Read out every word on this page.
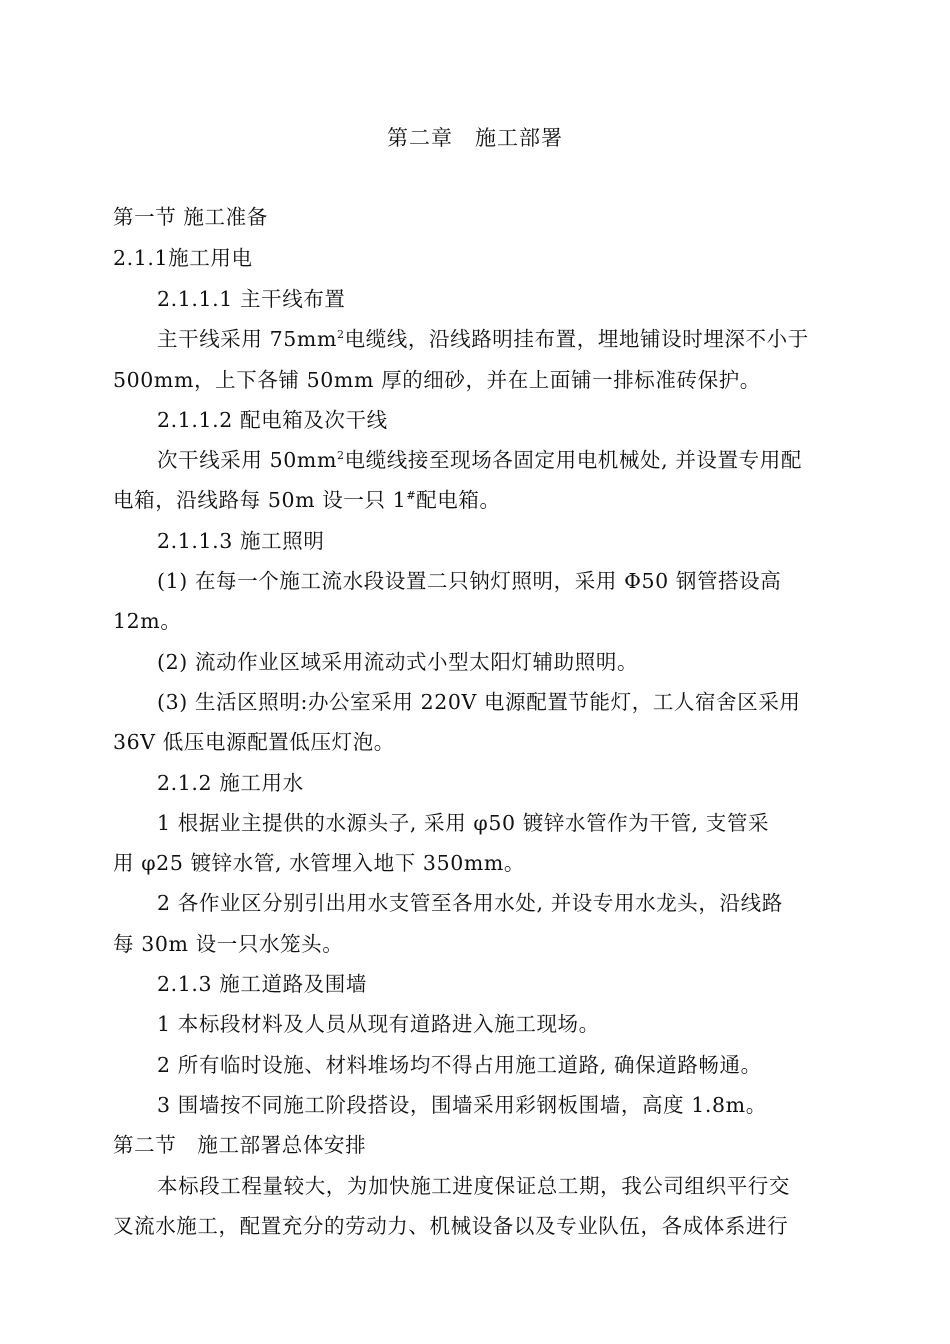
第二章　施工部署
第一节 施工准备
2.1.1施工用电
2.1.1.1 主干线布置
主干线采用 $75mm^2$电缆线，沿线路明挂布置，埋地铺设时埋深不小于
500mm，上下各铺 50mm 厚的细砂，并在上面铺一排标准砖保护。
2.1.1.2 配电箱及次干线
次干线采用 $50mm^2$电缆线接至现场各固定用电机械处, 并设置专用配
电箱，沿线路每 50m 设一只 1#配电箱。
2.1.1.3 施工照明
(1) 在每一个施工流水段设置二只钠灯照明，采用 Φ50 钢管搭设高
12m。
(2) 流动作业区域采用流动式小型太阳灯辅助照明。
(3) 生活区照明:办公室采用 220V 电源配置节能灯，工人宿舍区采用
36V 低压电源配置低压灯泡。
2.1.2 施工用水
1 根据业主提供的水源头子, 采用 φ50 镀锌水管作为干管, 支管采
用 φ25 镀锌水管, 水管埋入地下 350mm。
2 各作业区分别引出用水支管至各用水处, 并设专用水龙头，沿线路
每 30m 设一只水笼头。
2.1.3 施工道路及围墙
1 本标段材料及人员从现有道路进入施工现场。
2 所有临时设施、材料堆场均不得占用施工道路, 确保道路畅通。
3 围墙按不同施工阶段搭设，围墙采用彩钢板围墙，高度 1.8m。
第二节　施工部署总体安排
本标段工程量较大，为加快施工进度保证总工期，我公司组织平行交
叉流水施工，配置充分的劳动力、机械设备以及专业队伍，各成体系进行
